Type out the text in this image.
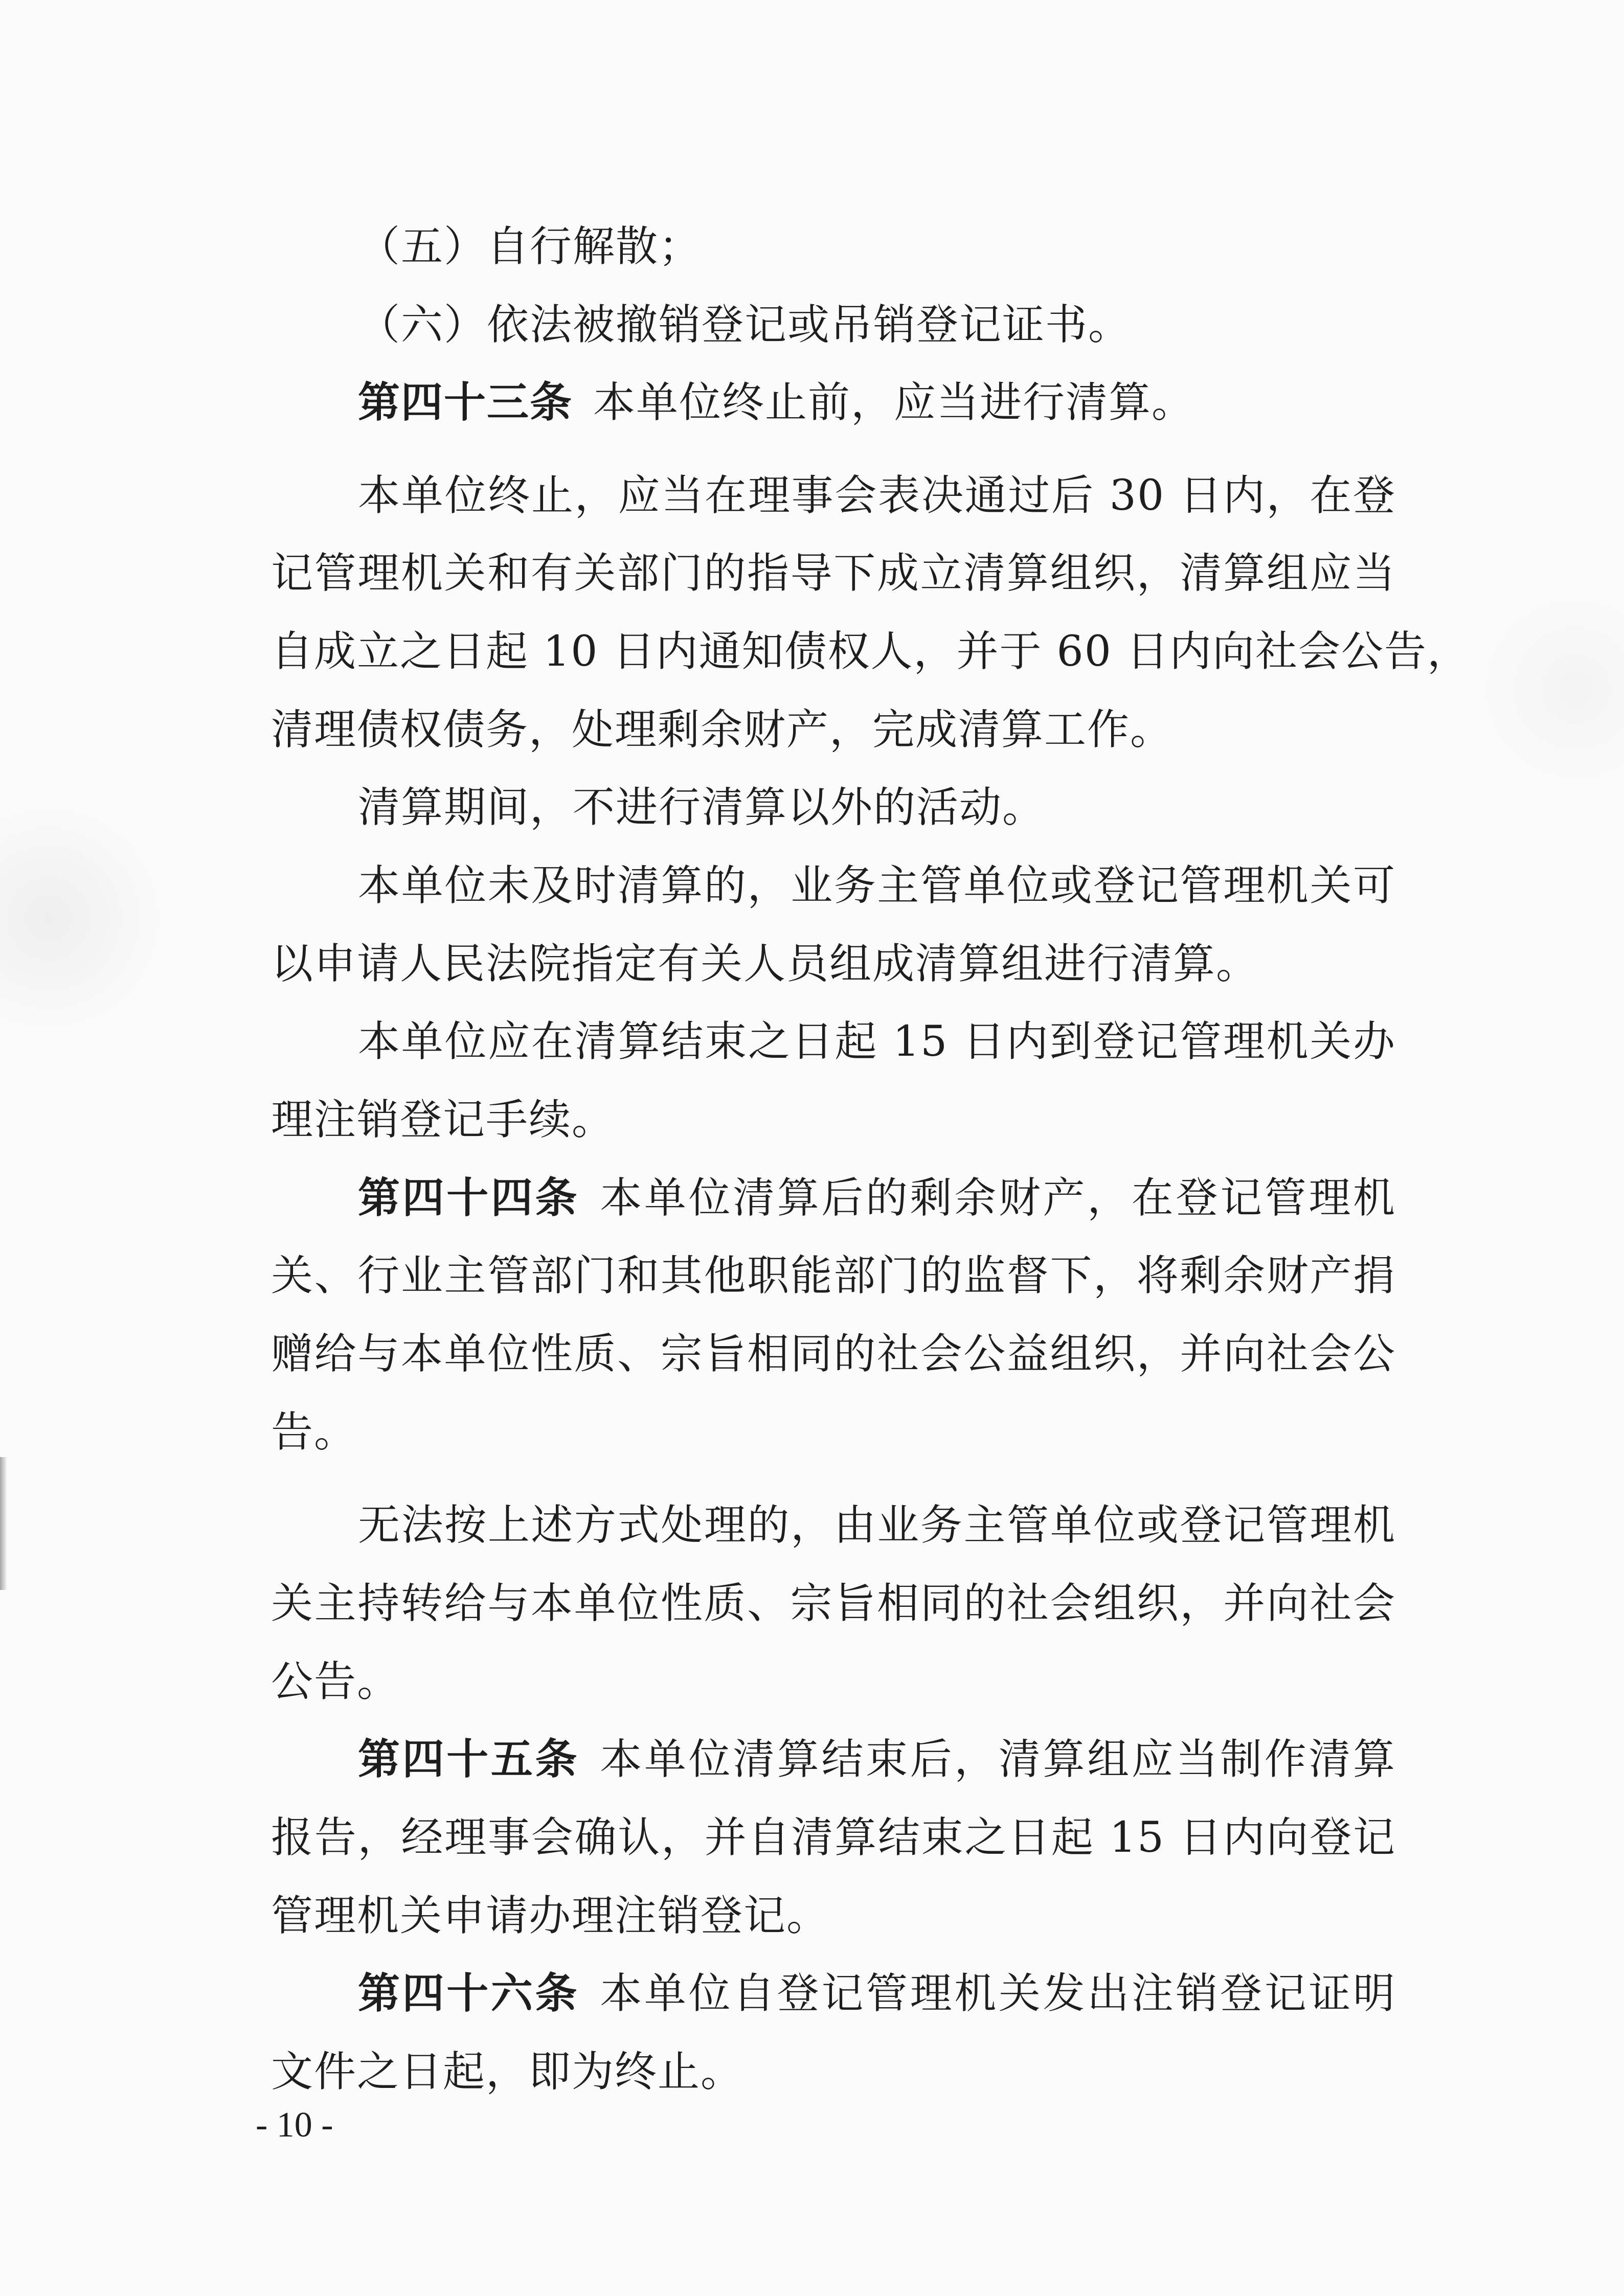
（五）自行解散；
（六）依法被撤销登记或吊销登记证书。
第四十三条 本单位终止前，应当进行清算。
本单位终止，应当在理事会表决通过后 30 日内，在登
记管理机关和有关部门的指导下成立清算组织，清算组应当
自成立之日起 10 日内通知债权人，并于 60 日内向社会公告，
清理债权债务，处理剩余财产，完成清算工作。
清算期间，不进行清算以外的活动。
本单位未及时清算的，业务主管单位或登记管理机关可
以申请人民法院指定有关人员组成清算组进行清算。
本单位应在清算结束之日起 15 日内到登记管理机关办
理注销登记手续。
第四十四条 本单位清算后的剩余财产，在登记管理机
关、行业主管部门和其他职能部门的监督下，将剩余财产捐
赠给与本单位性质、宗旨相同的社会公益组织，并向社会公
告。
无法按上述方式处理的，由业务主管单位或登记管理机
关主持转给与本单位性质、宗旨相同的社会组织，并向社会
公告。
第四十五条 本单位清算结束后，清算组应当制作清算
报告，经理事会确认，并自清算结束之日起 15 日内向登记
管理机关申请办理注销登记。
第四十六条 本单位自登记管理机关发出注销登记证明
文件之日起，即为终止。
- 10 -
